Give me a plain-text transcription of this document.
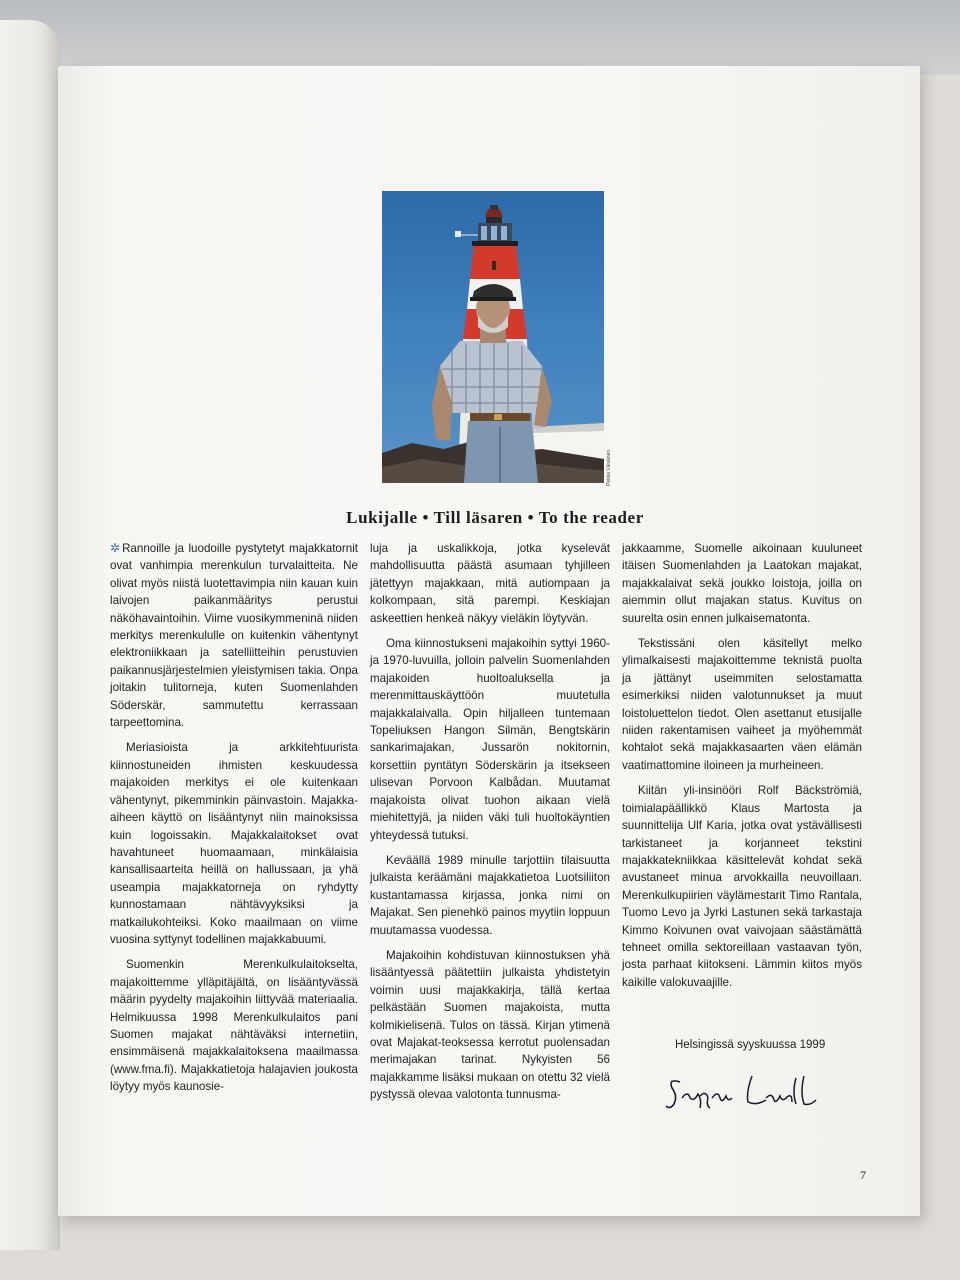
Pekka Väisänen
Lukijalle • Till läsaren • To the reader

✲ Rannoille ja luodoille pystytetyt majakkatornit ovat vanhimpia merenkulun turvalaitteita. Ne olivat myös niistä luotettavimpia niin kauan kuin laivojen paikanmääritys perustui näköhavaintoihin. Viime vuosikymmeninä niiden merkitys merenkululle on kuitenkin vähentynyt elektroniikkaan ja satelliitteihin perustuvien paikannusjärjestelmien yleistymisen takia. Onpa joitakin tulitorneja, kuten Suomenlahden Söderskär, sammutettu kerrassaan tarpeettomina.

Meriasioista ja arkkitehtuurista kiinnostuneiden ihmisten keskuudessa majakoiden merkitys ei ole kuitenkaan vähentynyt, pikemminkin päinvastoin. Majakka-aiheen käyttö on lisääntynyt niin mainoksissa kuin logoissakin. Majakkalaitokset ovat havahtuneet huomaamaan, minkälaisia kansallisaarteita heillä on hallussaan, ja yhä useampia majakkatorneja on ryhdytty kunnostamaan nähtävyyksiksi ja matkailukohteiksi. Koko maailmaan on viime vuosina syttynyt todellinen majakkabuumi.

Suomenkin Merenkulkulaitokselta, majakoittemme ylläpitäjältä, on lisääntyvässä määrin pyydelty majakoihin liittyvää materiaalia. Helmikuussa 1998 Merenkulkulaitos pani Suomen majakat nähtäväksi internetiin, ensimmäisenä majakkalaitoksena maailmassa (www.fma.fi). Majakkatietoja halajavien joukosta löytyy myös kaunosie-

luja ja uskalikkoja, jotka kyselevät mahdollisuutta päästä asumaan tyhjilleen jätettyyn majakkaan, mitä autiompaan ja kolkompaan, sitä parempi. Keskiajan askeettien henkeä näkyy vieläkin löytyvän.

Oma kiinnostukseni majakoihin syttyi 1960- ja 1970-luvuilla, jolloin palvelin Suomenlahden majakoiden huoltoaluksella ja merenmittauskäyttöön muutetulla majakkalaivalla. Opin hiljalleen tuntemaan Topeliuksen Hangon Silmän, Bengtskärin sankarimajakan, Jussarön nokitornin, korsettiin pyntätyn Söderskärin ja itsekseen ulisevan Porvoon Kalbådan. Muutamat majakoista olivat tuohon aikaan vielä miehitettyjä, ja niiden väki tuli huoltokäyntien yhteydessä tutuksi.

Keväällä 1989 minulle tarjottiin tilaisuutta julkaista keräämäni majakkatietoa Luotsiliiton kustantamassa kirjassa, jonka nimi on Majakat. Sen pienehkö painos myytiin loppuun muutamassa vuodessa.

Majakoihin kohdistuvan kiinnostuksen yhä lisääntyessä päätettiin julkaista yhdistetyin voimin uusi majakkakirja, tällä kertaa pelkästään Suomen majakoista, mutta kolmikielisenä. Tulos on tässä. Kirjan ytimenä ovat Majakat-teoksessa kerrotut puolensadan merimajakan tarinat. Nykyisten 56 majakkamme lisäksi mukaan on otettu 32 vielä pystyssä olevaa valotonta tunnusma-

jakkaamme, Suomelle aikoinaan kuuluneet itäisen Suomenlahden ja Laatokan majakat, majakkalaivat sekä joukko loistoja, joilla on aiemmin ollut majakan status. Kuvitus on suurelta osin ennen julkaisematonta.

Tekstissäni olen käsitellyt melko ylimalkaisesti majakoittemme teknistä puolta ja jättänyt useimmiten selostamatta esimerkiksi niiden valotunnukset ja muut loistoluettelon tiedot. Olen asettanut etusijalle niiden rakentamisen vaiheet ja myöhemmät kohtalot sekä majakkasaarten väen elämän vaatimattomine iloineen ja murheineen.

Kiitän yli-insinööri Rolf Bäckströmiä, toimialapäällikkö Klaus Martosta ja suunnittelija Ulf Karia, jotka ovat ystävällisesti tarkistaneet ja korjanneet tekstini majakkatekniikkaa käsittelevät kohdat sekä avustaneet minua arvokkailla neuvoillaan. Merenkulkupiirien väylämestarit Timo Rantala, Tuomo Levo ja Jyrki Lastunen sekä tarkastaja Kimmo Koivunen ovat vaivojaan säästämättä tehneet omilla sektoreillaan vastaavan työn, josta parhaat kiitokseni. Lämmin kiitos myös kaikille valokuvaajille.

Helsingissä syyskuussa 1999
7
